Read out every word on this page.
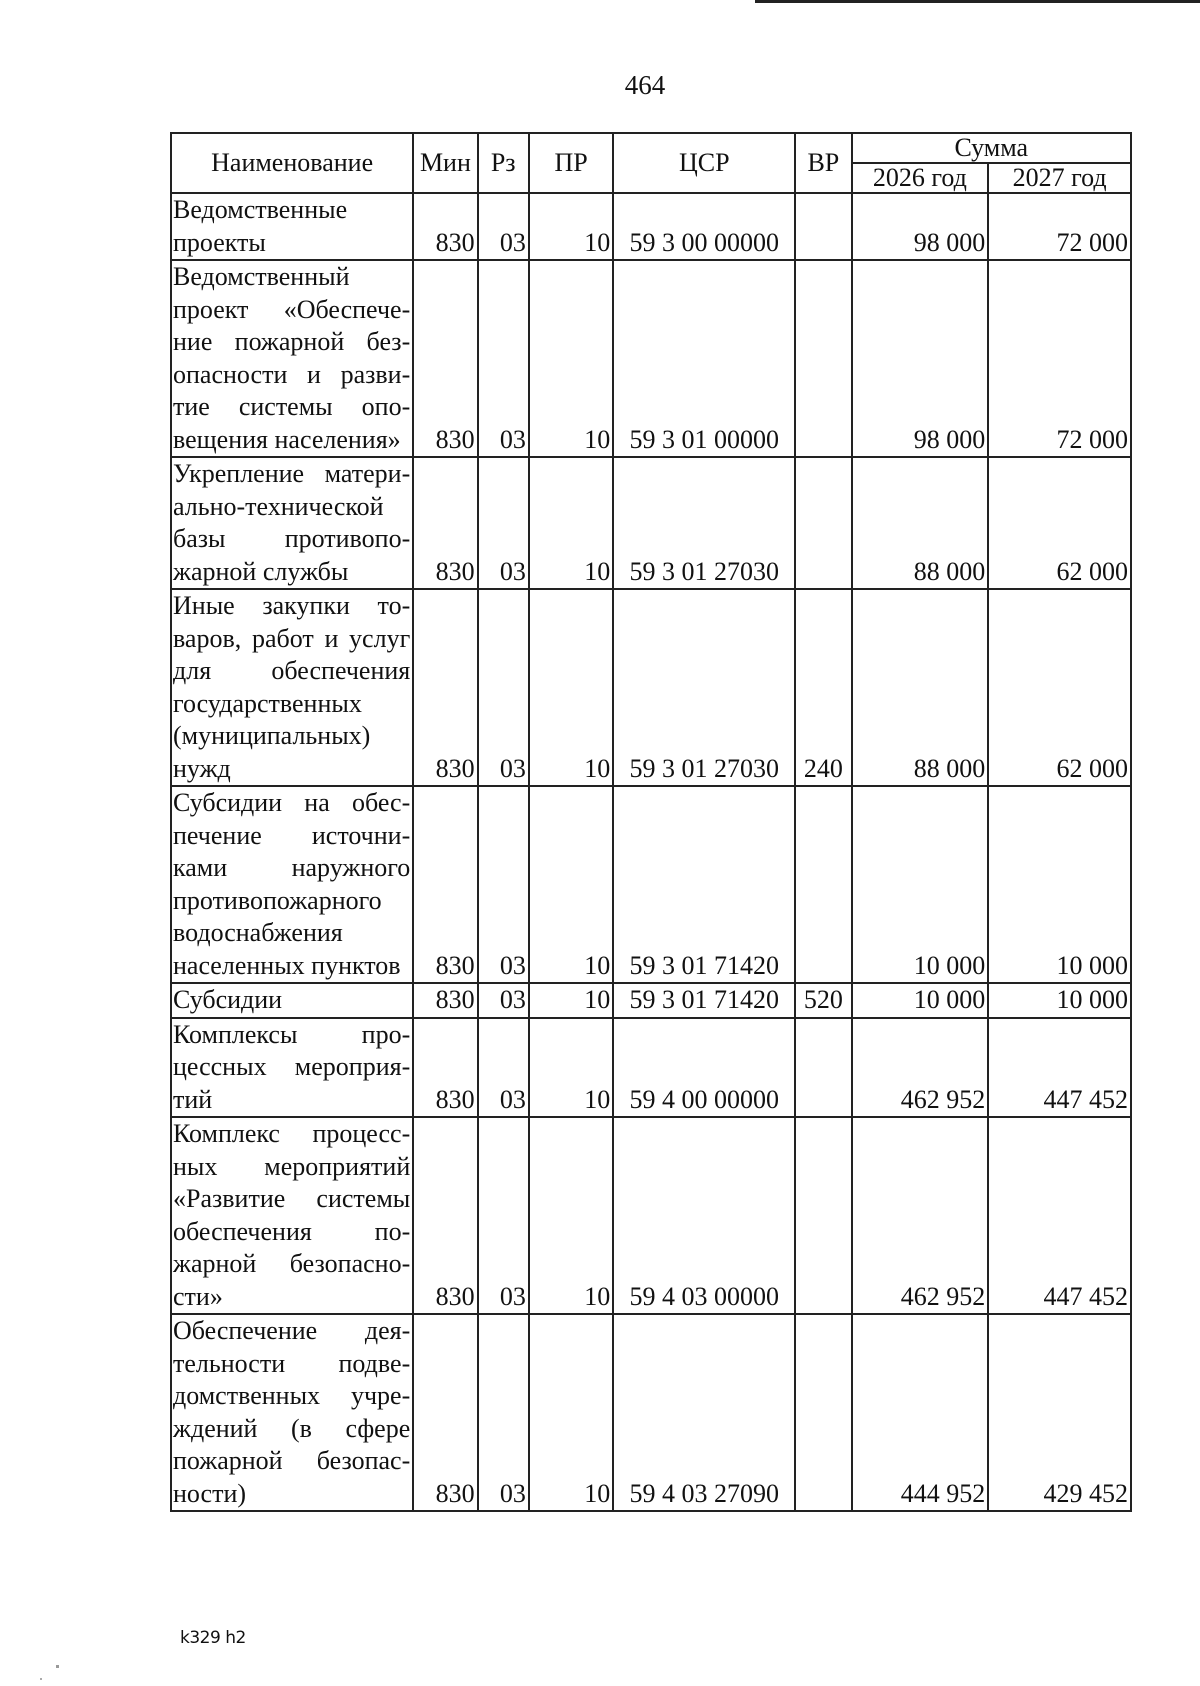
464
Наименование	Мин	Рз	ПР	ЦСР	ВР	Сумма	
						2026 год	2027 год
Ведомственные проекты	830	03	10	59 3 00 00000		98 000	72 000
Ведомственный проект «Обеспечение пожарной безопасности и развитие системы оповещения населения»	830	03	10	59 3 01 00000		98 000	72 000
Укрепление материально-технической базы противопожарной службы	830	03	10	59 3 01 27030		88 000	62 000
Иные закупки товаров, работ и услуг для обеспечения государственных (муниципальных) нужд	830	03	10	59 3 01 27030	240	88 000	62 000
Субсидии на обеспечение источниками наружного противопожарного водоснабжения населенных пунктов	830	03	10	59 3 01 71420		10 000	10 000
Субсидии	830	03	10	59 3 01 71420	520	10 000	10 000
Комплексы процессных мероприятий	830	03	10	59 4 00 00000		462 952	447 452
Комплекс процессных мероприятий «Развитие системы обеспечения пожарной безопасности»	830	03	10	59 4 03 00000		462 952	447 452
Обеспечение деятельности подведомственных учреждений (в сфере пожарной безопасности)	830	03	10	59 4 03 27090		444 952	429 452
k329 h2
